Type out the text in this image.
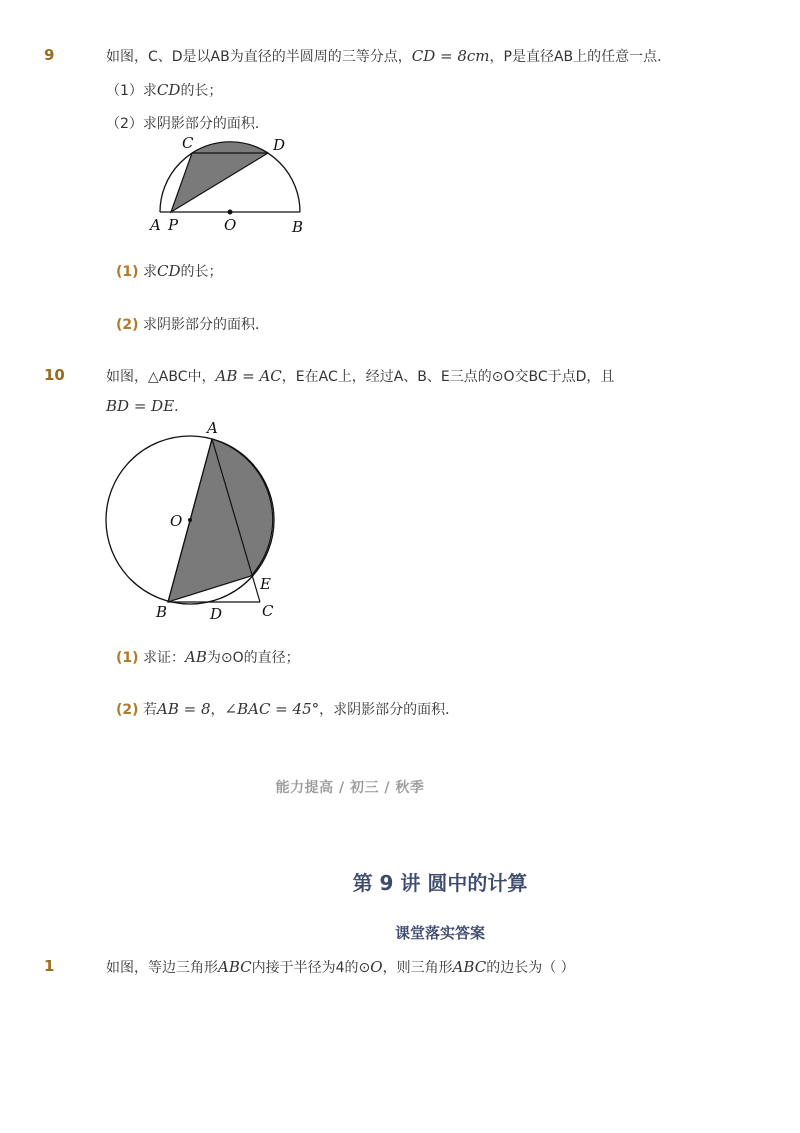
9	如图，C、D是以AB为直径的半圆周的三等分点，CD = 8cm，P是直径AB上的任意一点．
（1）求CD的长；
（2）求阴影部分的面积．
A P	O	B
C	D
(1) 求CD的长；
(2) 求阴影部分的面积．
10	如图，△ABC中，AB = AC，E在AC上，经过A、B、E三点的⊙O交BC于点D，且
BD = DE．
A
O
E
B	D	C
(1) 求证：AB为⊙O的直径；
(2) 若AB = 8，∠BAC = 45°，求阴影部分的面积．
能力提高 / 初三 / 秋季
第 9 讲 圆中的计算
课堂落实答案
1	如图，等边三角形ABC内接于半径为4的⊙O，则三角形ABC的边长为（ ）
